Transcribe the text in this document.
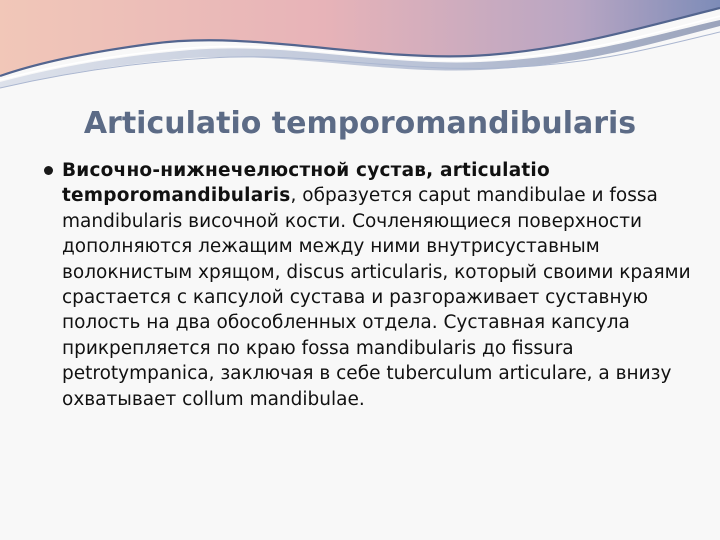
Articulatio temporomandibularis
Височно-нижнечелюстной сустав, articulatio temporomandibularis, образуется caput mandibulae и fossa mandibularis височной кости. Сочленяющиеся поверхности дополняются лежащим между ними внутрисуставным волокнистым хрящом, discus articularis, который своими краями срастается с капсулой сустава и разгораживает суставную полость на два обособленных отдела. Суставная капсула прикрепляется по краю fossa mandibularis до fissura petrotympanica, заключая в себе tuberculum articulare, а внизу охватывает collum mandibulae.
